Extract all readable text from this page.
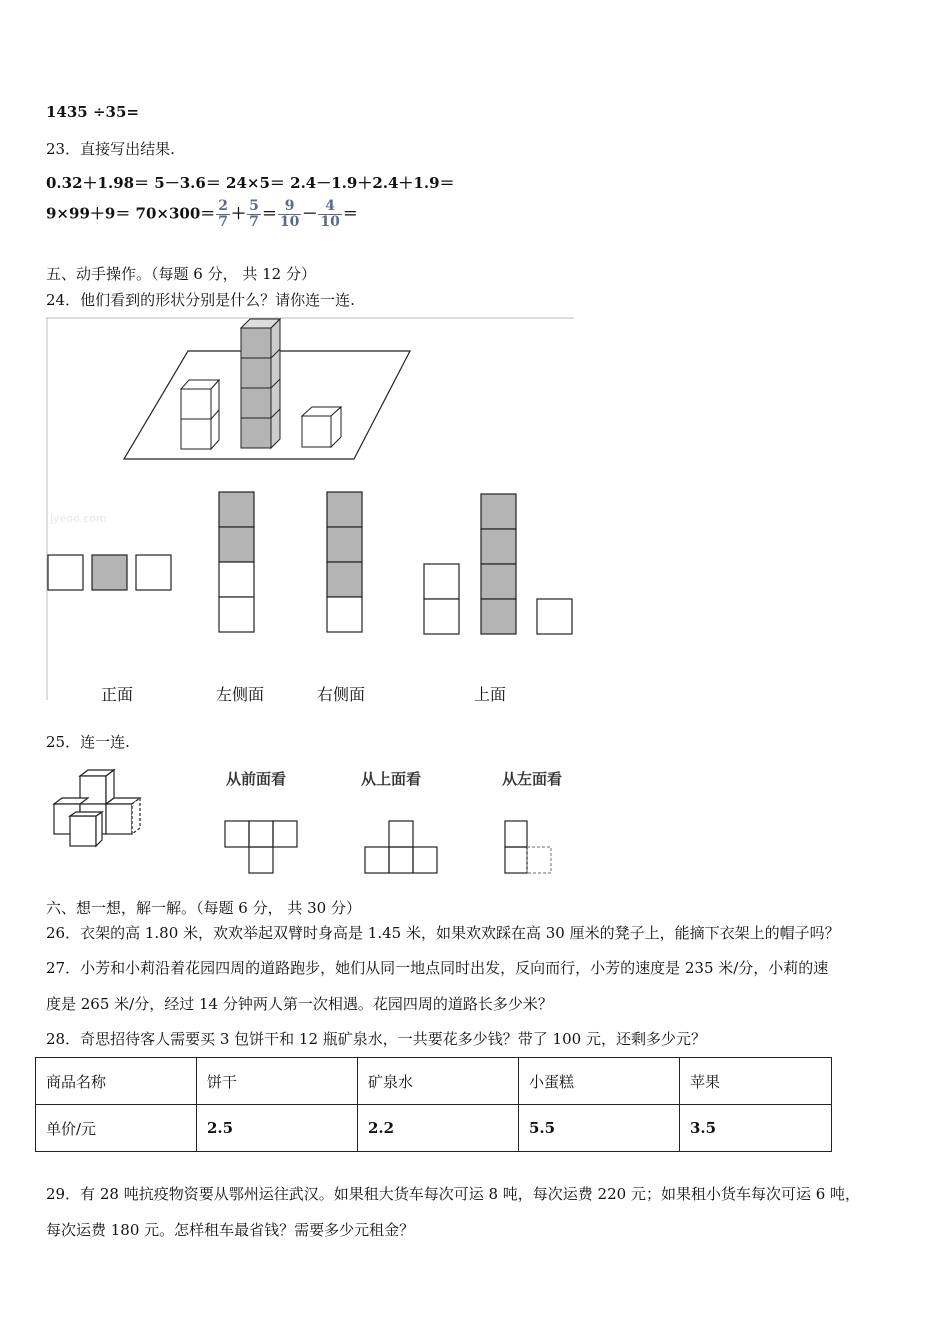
1435 ÷35=
23．直接写出结果.
0.32＋1.98＝ 5－3.6＝ 24×5＝ 2.4－1.9＋2.4＋1.9＝
$9\times 99+9= 70\times 300= \frac{2}{7} + \frac{5}{7} = \frac{9}{10} - \frac{4}{10}$ ＝
五、动手操作。（每题 6 分， 共 12 分）
24．他们看到的形状分别是什么？请你连一连.
jyeoo.com
正面	左侧面	右侧面	上面
25．连一连.
从前面看	从上面看	从左面看
六、想一想，解一解。（每题 6 分， 共 30 分）
26．衣架的高 1.80 米，欢欢举起双臂时身高是 1.45 米，如果欢欢踩在高 30 厘米的凳子上，能摘下衣架上的帽子吗？
27．小芳和小莉沿着花园四周的道路跑步，她们从同一地点同时出发，反向而行，小芳的速度是 235 米/分，小莉的速
度是 265 米/分，经过 14 分钟两人第一次相遇。花园四周的道路长多少米？
28．奇思招待客人需要买 3 包饼干和 12 瓶矿泉水，一共要花多少钱？带了 100 元，还剩多少元？
商品名称	饼干	矿泉水	小蛋糕	苹果
单价/元	2.5	2.2	5.5	3.5
29．有 28 吨抗疫物资要从鄂州运往武汉。如果租大货车每次可运 8 吨，每次运费 220 元；如果租小货车每次可运 6 吨，
每次运费 180 元。怎样租车最省钱？需要多少元租金？
